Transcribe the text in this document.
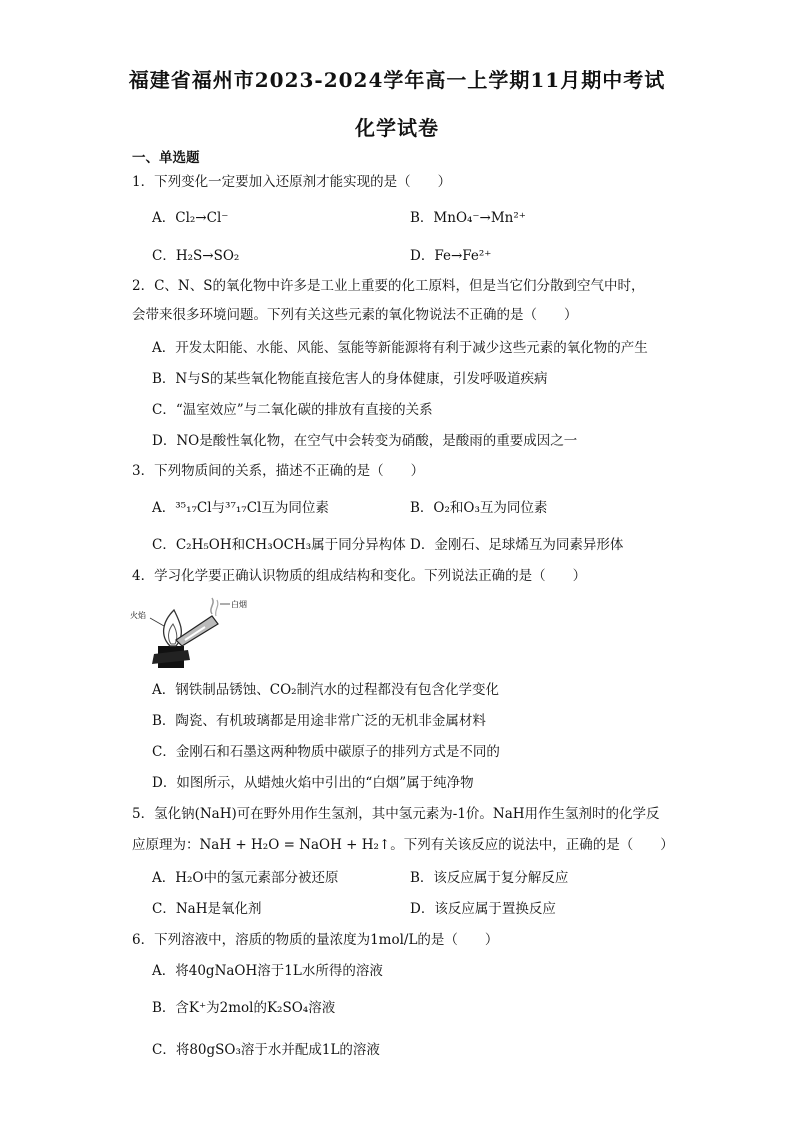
福建省福州市2023-2024学年高一上学期11月期中考试
化学试卷
一、单选题
1．下列变化一定要加入还原剂才能实现的是（　　）
A．Cl₂→Cl⁻	B．MnO₄⁻→Mn²⁺
C．H₂S→SO₂	D．Fe→Fe²⁺
2．C、N、S的氧化物中许多是工业上重要的化工原料，但是当它们分散到空气中时，
会带来很多环境问题。下列有关这些元素的氧化物说法不正确的是（　　）
A．开发太阳能、水能、风能、氢能等新能源将有利于减少这些元素的氧化物的产生
B．N与S的某些氧化物能直接危害人的身体健康，引发呼吸道疾病
C．“温室效应”与二氧化碳的排放有直接的关系
D．NO是酸性氧化物，在空气中会转变为硝酸，是酸雨的重要成因之一
3．下列物质间的关系，描述不正确的是（　　）
A．³⁵₁₇Cl与³⁷₁₇Cl互为同位素	B．O₂和O₃互为同位素
C．C₂H₅OH和CH₃OCH₃属于同分异构体 D．金刚石、足球烯互为同素异形体
4．学习化学要正确认识物质的组成结构和变化。下列说法正确的是（　　）
火焰
白烟
A．钢铁制品锈蚀、CO₂制汽水的过程都没有包含化学变化
B．陶瓷、有机玻璃都是用途非常广泛的无机非金属材料
C．金刚石和石墨这两种物质中碳原子的排列方式是不同的
D．如图所示，从蜡烛火焰中引出的“白烟”属于纯净物
5．氢化钠(NaH)可在野外用作生氢剂，其中氢元素为-1价。NaH用作生氢剂时的化学反
应原理为：NaH + H₂O = NaOH + H₂↑。下列有关该反应的说法中，正确的是（　　）
A．H₂O中的氢元素部分被还原	B．该反应属于复分解反应
C．NaH是氧化剂	D．该反应属于置换反应
6．下列溶液中，溶质的物质的量浓度为1mol/L的是（　　）
A．将40gNaOH溶于1L水所得的溶液
B．含K⁺为2mol的K₂SO₄溶液
C．将80gSO₃溶于水并配成1L的溶液
